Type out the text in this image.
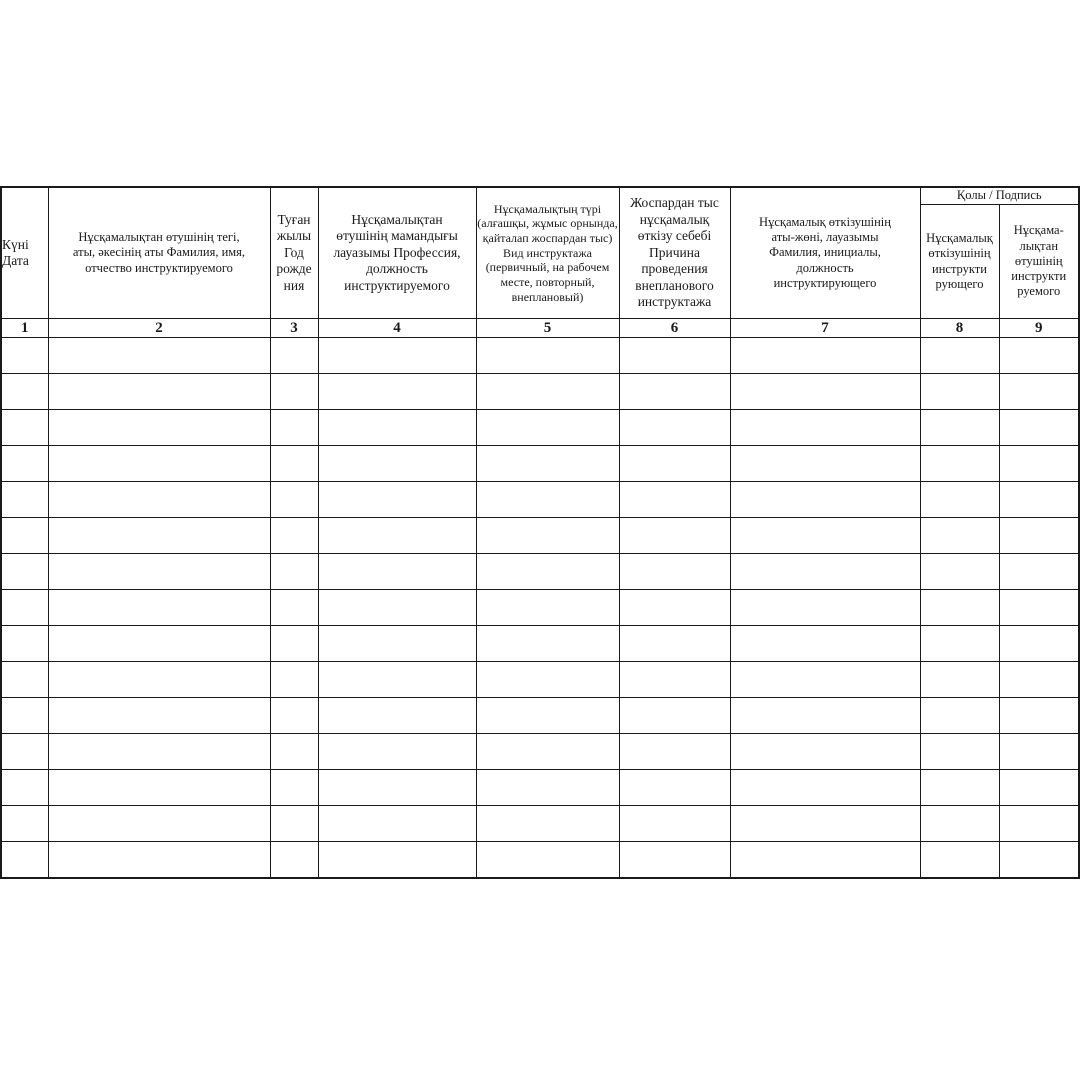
Күні Дата	Нұсқамалықтан өтушінің тегі, аты, әкесінің аты Фамилия, имя, отчество инструктируемого	Туған жылы Год рожде ния	Нұсқамалықтан өтушінің мамандығы лауазымы Профессия, должность инструктируемого	Нұсқамалықтың түрі (алғашқы, жұмыс орнында, қайталап жоспардан тыс) Вид инструктажа (первичный, на рабочем месте, повторный, внеплановый)	Жоспардан тыс нұсқамалық өткізу себебі Причина проведения внепланового инструктажа	Нұсқамалық өткізушінің аты-жөні, лауазымы Фамилия, инициалы, должность инструктирующего	Қолы / Подпись	
							Нұсқамалық өткізушінің инструкти рующего	Нұсқама-лықтан өтушінің инструкти руемого
1	2	3	4	5	6	7	8	9
